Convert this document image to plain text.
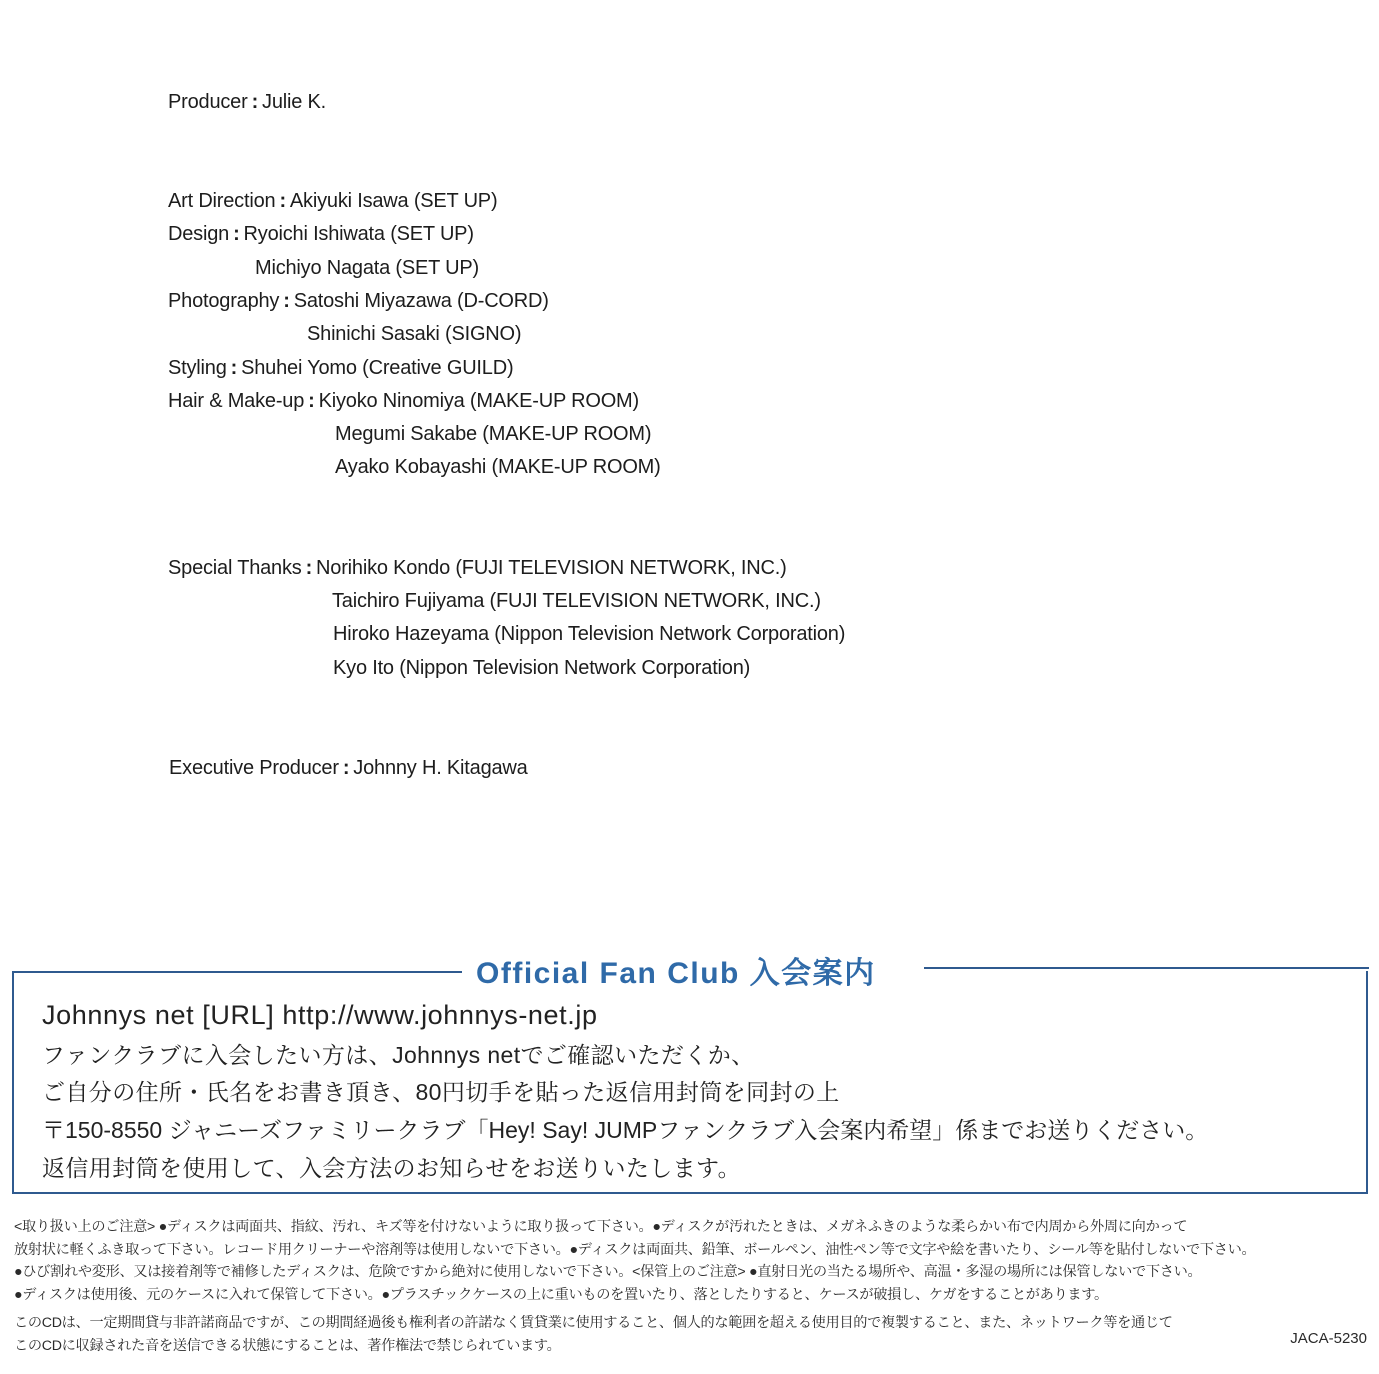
Producer : Julie K.
Art Direction : Akiyuki Isawa (SET UP)
Design : Ryoichi Ishiwata (SET UP)
Michiyo Nagata (SET UP)
Photography : Satoshi Miyazawa (D-CORD)
Shinichi Sasaki (SIGNO)
Styling : Shuhei Yomo (Creative GUILD)
Hair & Make-up : Kiyoko Ninomiya (MAKE-UP ROOM)
Megumi Sakabe (MAKE-UP ROOM)
Ayako Kobayashi (MAKE-UP ROOM)
Special Thanks : Norihiko Kondo (FUJI TELEVISION NETWORK, INC.)
Taichiro Fujiyama (FUJI TELEVISION NETWORK, INC.)
Hiroko Hazeyama (Nippon Television Network Corporation)
Kyo Ito (Nippon Television Network Corporation)
Executive Producer : Johnny H. Kitagawa
Official Fan Club 入会案内
Johnnys net [URL] http://www.johnnys-net.jp
ファンクラブに入会したい方は、Johnnys netでご確認いただくか、
ご自分の住所・氏名をお書き頂き、80円切手を貼った返信用封筒を同封の上
〒150-8550 ジャニーズファミリークラブ「Hey! Say! JUMPファンクラブ入会案内希望」係までお送りください。
返信用封筒を使用して、入会方法のお知らせをお送りいたします。
<取り扱い上のご注意> ●ディスクは両面共、指紋、汚れ、キズ等を付けないように取り扱って下さい。●ディスクが汚れたときは、メガネふきのような柔らかい布で内周から外周に向かって
放射状に軽くふき取って下さい。レコード用クリーナーや溶剤等は使用しないで下さい。●ディスクは両面共、鉛筆、ボールペン、油性ペン等で文字や絵を書いたり、シール等を貼付しないで下さい。
●ひび割れや変形、又は接着剤等で補修したディスクは、危険ですから絶対に使用しないで下さい。<保管上のご注意> ●直射日光の当たる場所や、高温・多湿の場所には保管しないで下さい。
●ディスクは使用後、元のケースに入れて保管して下さい。●プラスチックケースの上に重いものを置いたり、落としたりすると、ケースが破損し、ケガをすることがあります。
このCDは、一定期間貸与非許諾商品ですが、この期間経過後も権利者の許諾なく賃貸業に使用すること、個人的な範囲を超える使用目的で複製すること、また、ネットワーク等を通じて
このCDに収録された音を送信できる状態にすることは、著作権法で禁じられています。	JACA-5230
